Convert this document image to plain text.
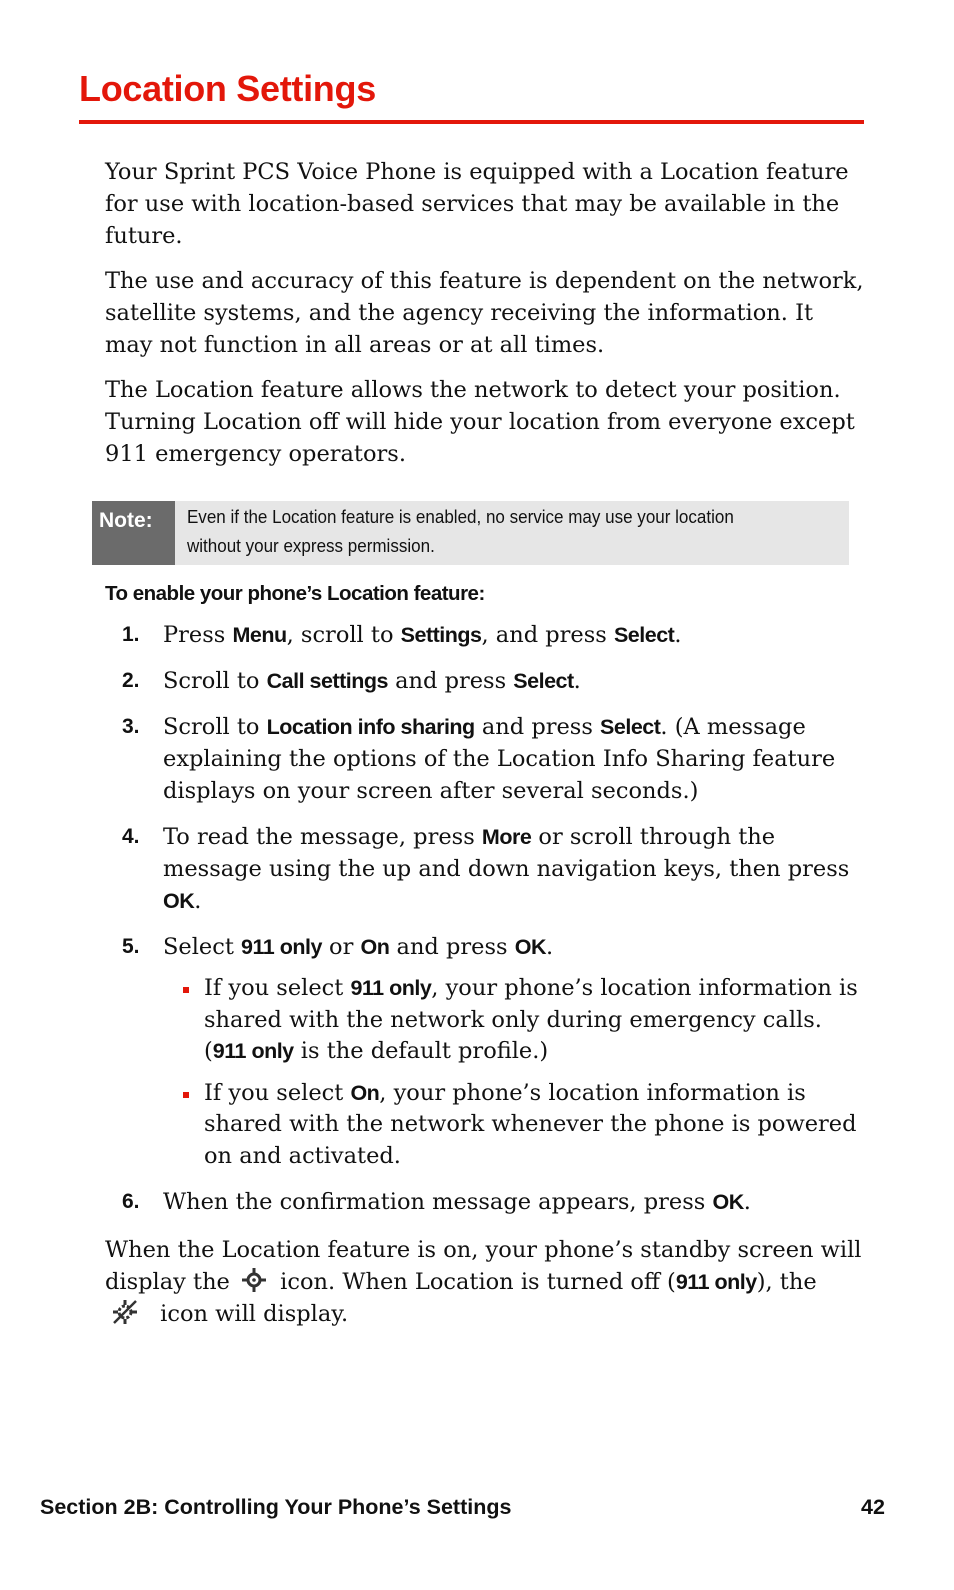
Location Settings

Your Sprint PCS Voice Phone is equipped with a Location feature for use with location-based services that may be available in the future.

The use and accuracy of this feature is dependent on the network, satellite systems, and the agency receiving the information. It may not function in all areas or at all times.

The Location feature allows the network to detect your position. Turning Location off will hide your location from everyone except 911 emergency operators.

Note:	Even if the Location feature is enabled, no service may use your location without your express permission.
To enable your phone’s Location feature:
1.	Press Menu, scroll to Settings, and press Select.
2.	Scroll to Call settings and press Select.
3.	Scroll to Location info sharing and press Select. (A message explaining the options of the Location Info Sharing feature displays on your screen after several seconds.)
4.	To read the message, press More or scroll through the message using the up and down navigation keys, then press OK.
5.	Select 911 only or On and press OK.
If you select 911 only, your phone’s location information is shared with the network only during emergency calls. (911 only is the default profile.)
If you select On, your phone’s location information is shared with the network whenever the phone is powered on and activated.
6.	When the confirmation message appears, press OK.

When the Location feature is on, your phone’s standby screen will display the  icon. When Location is turned off (911 only), the
icon will display.

Section 2B: Controlling Your Phone’s Settings	42
